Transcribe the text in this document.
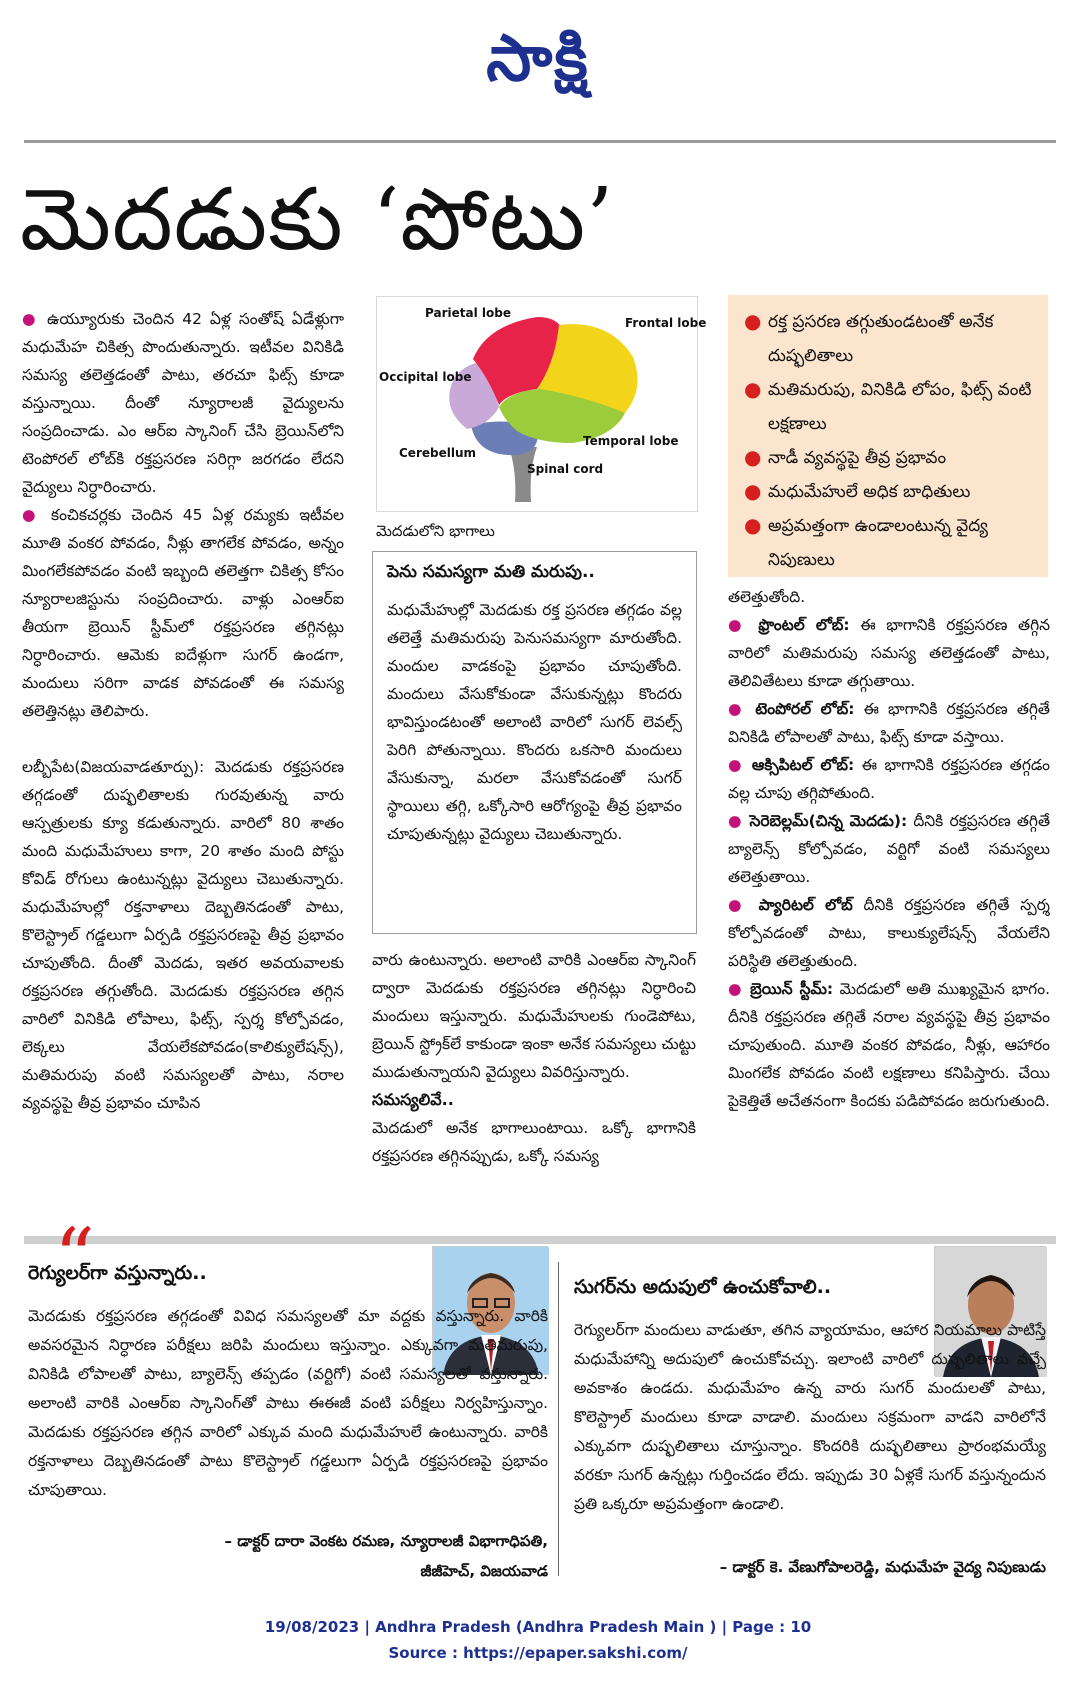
సాక్షి
మెదడుకు ‘పోటు’

● ఉయ్యూరుకు చెందిన 42 ఏళ్ల సంతోష్ ఏడేళ్లుగా మధుమేహ చికిత్స పొందుతున్నారు. ఇటీవల వినికిడి సమస్య తలెత్తడంతో పాటు, తరచూ ఫిట్స్ కూడా వస్తున్నాయి. దీంతో న్యూరాలజీ వైద్యులను సంప్రదించాడు. ఎం ఆర్ఐ స్కానింగ్ చేసి బ్రెయిన్‌లోని టెంపోరల్ లోబ్‌కి రక్తప్రసరణ సరిగ్గా జరగడం లేదని వైద్యులు నిర్ధారించారు.

● కంచికచర్లకు చెందిన 45 ఏళ్ల రమ్యకు ఇటీవల మూతి వంకర పోవడం, నీళ్లు తాగలేక పోవడం, అన్నం మింగలేకపోవడం వంటి ఇబ్బంది తలెత్తగా చికిత్స కోసం న్యూరాలజిస్టును సంప్రదించారు. వాళ్లు ఎంఆర్ఐ తీయగా బ్రెయిన్ స్టీమ్‌లో రక్తప్రసరణ తగ్గినట్లు నిర్ధారించారు. ఆమెకు ఐదేళ్లుగా సుగర్ ఉండగా, మందులు సరిగా వాడక పోవడంతో ఈ సమస్య తలెత్తినట్లు తెలిపారు.

లబ్బీపేట(విజయవాడతూర్పు): మెదడుకు రక్తప్రసరణ తగ్గడంతో దుష్ఫలితాలకు గురవుతున్న వారు ఆస్పత్రులకు క్యూ కడుతున్నారు. వారిలో 80 శాతం మంది మధుమేహులు కాగా, 20 శాతం మంది పోస్టు కోవిడ్ రోగులు ఉంటున్నట్లు వైద్యులు చెబుతున్నారు. మధుమేహుల్లో రక్తనాళాలు దెబ్బతినడంతో పాటు, కొలెస్ట్రాల్ గడ్డలుగా ఏర్పడి రక్తప్రసరణపై తీవ్ర ప్రభావం చూపుతోంది. దీంతో మెదడు, ఇతర అవయవాలకు రక్తప్రసరణ తగ్గుతోంది. మెదడుకు రక్తప్రసరణ తగ్గిన వారిలో వినికిడి లోపాలు, ఫిట్స్, స్పర్శ కోల్పోవడం, లెక్కలు వేయలేకపోవడం(కాలిక్యులేషన్స్), మతిమరుపు వంటి సమస్యలతో పాటు, నరాల వ్యవస్థపై తీవ్ర ప్రభావం చూపిన

Parietal lobe
Frontal lobe
Occipital lobe
Temporal lobe
Cerebellum
Spinal cord
మెదడులోని భాగాలు
పెను సమస్యగా మతి మరుపు..
మధుమేహుల్లో మెదడుకు రక్త ప్రసరణ తగ్గడం వల్ల తలెత్తే మతిమరుపు పెనుసమస్యగా మారుతోంది. మందుల వాడకంపై ప్రభావం చూపుతోంది. మందులు వేసుకోకుండా వేసుకున్నట్లు కొందరు భావిస్తుండటంతో అలాంటి వారిలో సుగర్ లెవల్స్ పెరిగి పోతున్నాయి. కొందరు ఒకసారి మందులు వేసుకున్నా, మరలా వేసుకోవడంతో సుగర్ స్థాయిలు తగ్గి, ఒక్కోసారి ఆరోగ్యంపై తీవ్ర ప్రభావం చూపుతున్నట్లు వైద్యులు చెబుతున్నారు.

వారు ఉంటున్నారు. అలాంటి వారికి ఎంఆర్ఐ స్కానింగ్ ద్వారా మెదడుకు రక్తప్రసరణ తగ్గినట్లు నిర్ధారించి మందులు ఇస్తున్నారు. మధుమేహులకు గుండెపోటు, బ్రెయిన్ స్ట్రోక్‌లే కాకుండా ఇంకా అనేక సమస్యలు చుట్టు ముడుతున్నాయని వైద్యులు వివరిస్తున్నారు.

సమస్యలివే..

మెదడులో అనేక భాగాలుంటాయి. ఒక్కో భాగానికి రక్తప్రసరణ తగ్గినప్పుడు, ఒక్కో సమస్య

● రక్త ప్రసరణ తగ్గుతుండటంతో అనేక దుష్ఫలితాలు
● మతిమరుపు, వినికిడి లోపం, ఫిట్స్ వంటి లక్షణాలు
● నాడీ వ్యవస్థపై తీవ్ర ప్రభావం
● మధుమేహులే అధిక బాధితులు
● అప్రమత్తంగా ఉండాలంటున్న వైద్య నిపుణులు

తలెత్తుతోంది.

● ఫ్రొంటల్ లోబ్: ఈ భాగానికి రక్తప్రసరణ తగ్గిన వారిలో మతిమరుపు సమస్య తలెత్తడంతో పాటు, తెలివితేటలు కూడా తగ్గుతాయి.

● టెంపోరల్ లోబ్: ఈ భాగానికి రక్తప్రసరణ తగ్గితే వినికిడి లోపాలతో పాటు, ఫిట్స్ కూడా వస్తాయి.

● ఆక్సిపిటల్ లోబ్: ఈ భాగానికి రక్తప్రసరణ తగ్గడం వల్ల చూపు తగ్గిపోతుంది.

● సెరెబెల్లమ్(చిన్న మెదడు): దీనికి రక్తప్రసరణ తగ్గితే బ్యాలెన్స్ కోల్పోవడం, వర్టిగో వంటి సమస్యలు తలెత్తుతాయి.

● ప్యారిటల్ లోబ్ దీనికి రక్తప్రసరణ తగ్గితే స్పర్శ కోల్పోవడంతో పాటు, కాలుక్యులేషన్స్ వేయలేని పరిస్థితి తలెత్తుతుంది.

● బ్రెయిన్ స్టీమ్: మెదడులో అతి ముఖ్యమైన భాగం. దీనికి రక్తప్రసరణ తగ్గితే నరాల వ్యవస్థపై తీవ్ర ప్రభావం చూపుతుంది. మూతి వంకర పోవడం, నీళ్లు, ఆహారం మింగలేక పోవడం వంటి లక్షణాలు కనిపిస్తారు. చేయి పైకెత్తితే అచేతనంగా కిందకు పడిపోవడం జరుగుతుంది.

“
రెగ్యులర్‌గా వస్తున్నారు..
మెదడుకు రక్తప్రసరణ తగ్గడంతో వివిధ సమస్యలతో మా వద్దకు వస్తున్నారు. వారికి అవసరమైన నిర్ధారణ పరీక్షలు జరిపి మందులు ఇస్తున్నాం. ఎక్కువగా మతిమరుపు, వినికిడి లోపాలతో పాటు, బ్యాలెన్స్ తప్పడం (వర్టిగో) వంటి సమస్యలతో వస్తున్నారు. అలాంటి వారికి ఎంఆర్ఐ స్కానింగ్‌తో పాటు ఈఈజీ వంటి పరీక్షలు నిర్వహిస్తున్నాం. మెదడుకు రక్తప్రసరణ తగ్గిన వారిలో ఎక్కువ మంది మధుమేహులే ఉంటున్నారు. వారికి రక్తనాళాలు దెబ్బతినడంతో పాటు కొలెస్ట్రాల్ గడ్డలుగా ఏర్పడి రక్తప్రసరణపై ప్రభావం చూపుతాయి.
– డాక్టర్ దారా వెంకట రమణ, న్యూరాలజీ విభాగాధిపతి,
జీజీహెచ్, విజయవాడ
సుగర్‌ను అదుపులో ఉంచుకోవాలి..
రెగ్యులర్‌గా మందులు వాడుతూ, తగిన వ్యాయామం, ఆహార నియమాలు పాటిస్తే మధుమేహాన్ని అదుపులో ఉంచుకోవచ్చు. ఇలాంటి వారిలో దుష్ఫలితాలు వచ్చే అవకాశం ఉండదు. మధుమేహం ఉన్న వారు సుగర్ మందులతో పాటు, కొలెస్ట్రాల్ మందులు కూడా వాడాలి. మందులు సక్రమంగా వాడని వారిలోనే ఎక్కువగా దుష్ఫలితాలు చూస్తున్నాం. కొందరికి దుష్ఫలితాలు ప్రారంభమయ్యే వరకూ సుగర్ ఉన్నట్లు గుర్తించడం లేదు. ఇప్పుడు 30 ఏళ్లకే సుగర్ వస్తున్నందున ప్రతి ఒక్కరూ అప్రమత్తంగా ఉండాలి.
– డాక్టర్ కె. వేణుగోపాలరెడ్డి, మధుమేహ వైద్య నిపుణుడు
19/08/2023 | Andhra Pradesh (Andhra Pradesh Main ) | Page : 10
Source : https://epaper.sakshi.com/
